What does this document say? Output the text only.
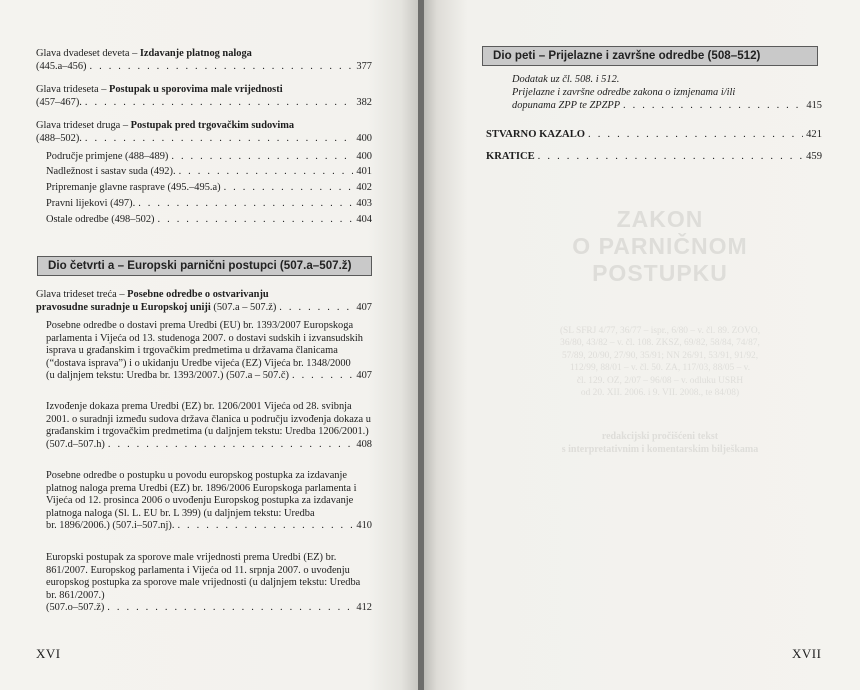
Glava dvadeset deveta – Izdavanje platnog naloga
(445.a–456) . . .	377
Glava trideseta – Postupak u sporovima male vrijednosti
(457–467). . . .	382
Glava trideset druga – Postupak pred trgovačkim sudovima
(488–502). . . .	400
Područje primjene (488–489) . . .	400
Nadležnost i sastav suda (492). . . .	401
Pripremanje glavne rasprave (495.–495.a) . . .	402
Pravni lijekovi (497). . . .	403
Ostale odredbe (498–502) . . .	404
Dio četvrti a – Europski parnični postupci (507.a–507.ž)
Glava trideset treća – Posebne odredbe o ostvarivanju
pravosudne suradnje u Europskoj uniji (507.a – 507.ž) . . .	407
Posebne odredbe o dostavi prema Uredbi (EU) br. 1393/2007 Europskoga parlamenta i Vijeća od 13. studenoga 2007. o dostavi sudskih i izvansudskih isprava u građanskim i trgovačkim predmetima u državama članicama (“dostava isprava”) i o ukidanju Uredbe vijeća (EZ) Vijeća br. 1348/2000
(u daljnjem tekstu: Uredba br. 1393/2007.) (507.a – 507.č) . . .	407
Izvođenje dokaza prema Uredbi (EZ) br. 1206/2001 Vijeća od 28. svibnja 2001. o suradnji između sudova država članica u području izvođenja dokaza u građanskim i trgovačkim predmetima (u daljnjem tekstu: Uredba 1206/2001.)
(507.d–507.h) . . .	408
Posebne odredbe o postupku u povodu europskog postupka za izdavanje platnog naloga prema Uredbi (EZ) br. 1896/2006 Europskoga parlamenta i Vijeća od 12. prosinca 2006 o uvođenju Europskog postupka za izdavanje platnoga naloga (Sl. L. EU br. L 399) (u daljnjem tekstu: Uredba
br. 1896/2006.) (507.i–507.nj). . . .	410
Europski postupak za sporove male vrijednosti prema Uredbi (EZ) br. 861/2007. Europskog parlamenta i Vijeća od 11. srpnja 2007. o uvođenju europskog postupka za sporove male vrijednosti (u daljnjem tekstu: Uredba br. 861/2007.)
(507.o–507.ž) . . .	412
XVI
ZAKON
O PARNIČNOM
POSTUPKU
(SL SFRJ 4/77, 36/77 – ispr., 6/80 – v. čl. 89. ZOVO,
36/80, 43/82 – v. čl. 108. ZKSZ, 69/82, 58/84, 74/87,
57/89, 20/90, 27/90, 35/91; NN 26/91, 53/91, 91/92,
112/99, 88/01 – v. čl. 50. ZA, 117/03, 88/05 – v.
čl. 129. OZ, 2/07 – 96/08 – v. odluku USRH
od 20. XII. 2006. i 9. VII. 2008., te 84/08)
redakcijski pročišćeni tekst
s interpretativnim i komentarskim bilješkama
Dio peti – Prijelazne i završne odredbe (508–512)
Dodatak uz čl. 508. i 512.
Prijelazne i završne odredbe zakona o izmjenama i/ili
dopunama ZPP te ZPZPP . . .	415
STVARNO KAZALO . . .	421
KRATICE . . .	459
XVII
